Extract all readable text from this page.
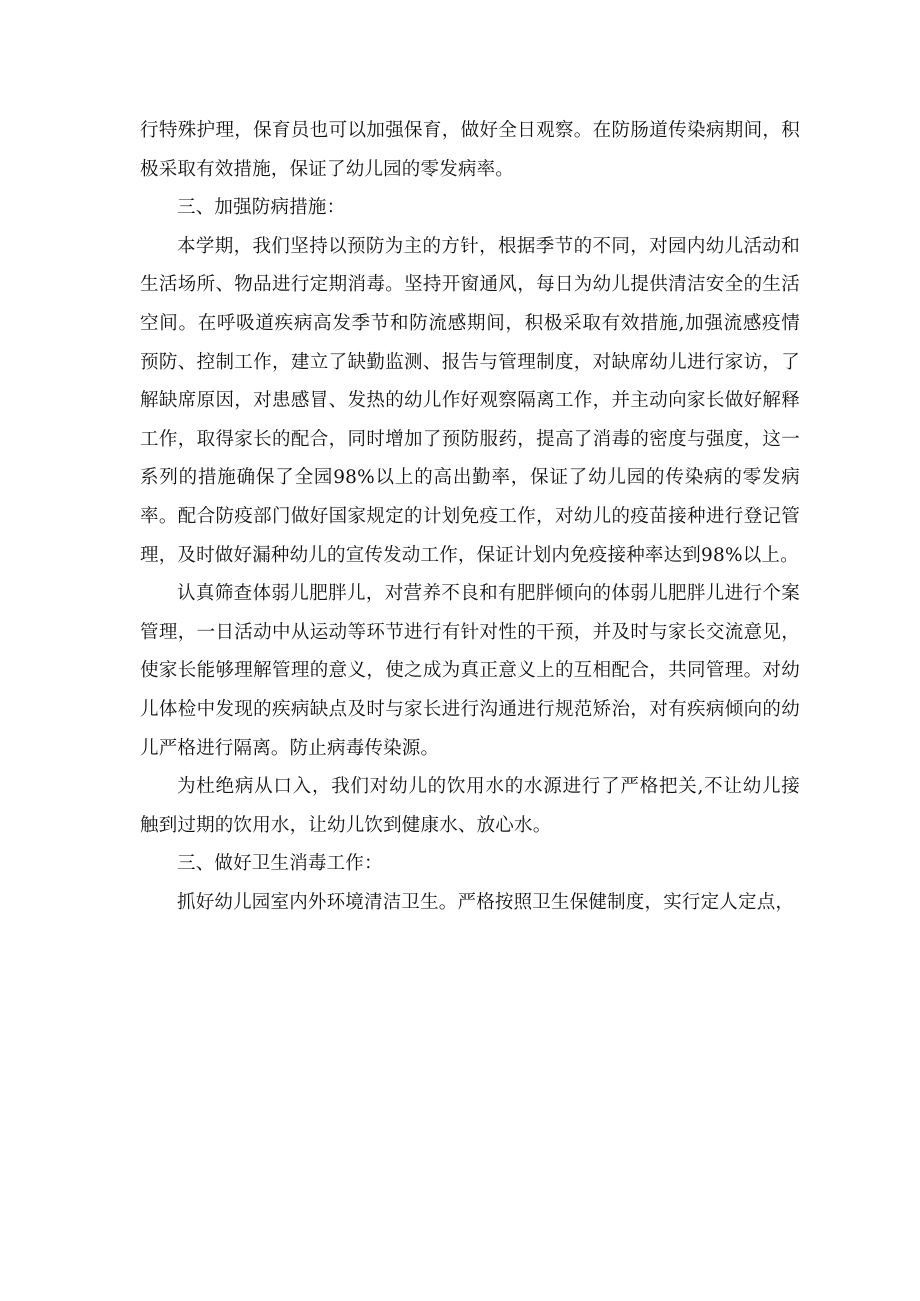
行特殊护理，保育员也可以加强保育，做好全日观察。在防肠道传染病期间，积极采取有效措施，保证了幼儿园的零发病率。

三、加强防病措施：

本学期，我们坚持以预防为主的方针，根据季节的不同，对园内幼儿活动和生活场所、物品进行定期消毒。坚持开窗通风，每日为幼儿提供清洁安全的生活空间。在呼吸道疾病高发季节和防流感期间，积极采取有效措施,加强流感疫情预防、控制工作，建立了缺勤监测、报告与管理制度，对缺席幼儿进行家访，了解缺席原因，对患感冒、发热的幼儿作好观察隔离工作，并主动向家长做好解释工作，取得家长的配合，同时增加了预防服药，提高了消毒的密度与强度，这一系列的措施确保了全园98%以上的高出勤率，保证了幼儿园的传染病的零发病率。配合防疫部门做好国家规定的计划免疫工作，对幼儿的疫苗接种进行登记管理，及时做好漏种幼儿的宣传发动工作，保证计划内免疫接种率达到98%以上。

认真筛查体弱儿肥胖儿，对营养不良和有肥胖倾向的体弱儿肥胖儿进行个案管理，一日活动中从运动等环节进行有针对性的干预，并及时与家长交流意见，使家长能够理解管理的意义，使之成为真正意义上的互相配合，共同管理。对幼儿体检中发现的疾病缺点及时与家长进行沟通进行规范矫治，对有疾病倾向的幼儿严格进行隔离。防止病毒传染源。

为杜绝病从口入，我们对幼儿的饮用水的水源进行了严格把关,不让幼儿接触到过期的饮用水，让幼儿饮到健康水、放心水。

三、做好卫生消毒工作：

抓好幼儿园室内外环境清洁卫生。严格按照卫生保健制度，实行定人定点，
